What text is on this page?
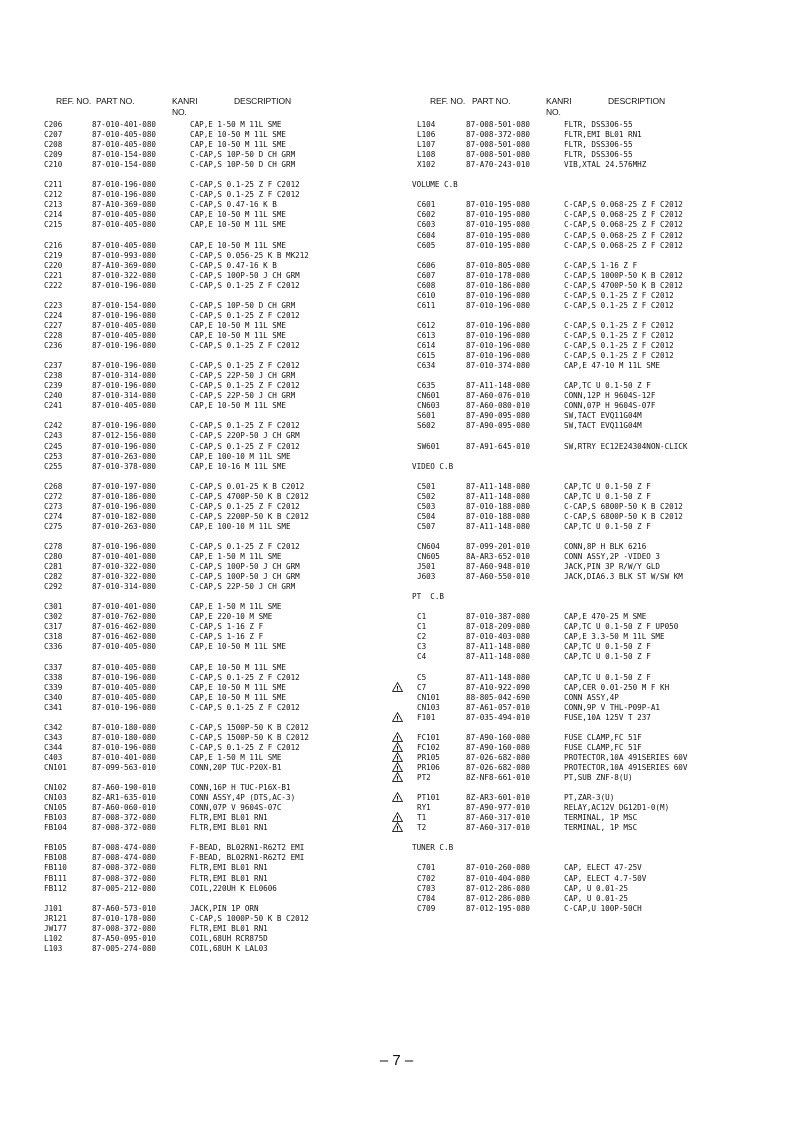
REF. NO. PART NO.	KANRI NO.
DESCRIPTION
C206	87-010-401-080	CAP,E 1-50 M 11L SME
C207	87-010-405-080	CAP,E 10-50 M 11L SME
C208	87-010-405-080	CAP,E 10-50 M 11L SME
C209	87-010-154-080	C-CAP,S 10P-50 D CH GRM
C210	87-010-154-080	C-CAP,S 10P-50 D CH GRM
C211	87-010-196-080	C-CAP,S 0.1-25 Z F C2012
C212	87-010-196-080	C-CAP,S 0.1-25 Z F C2012
C213	87-A10-369-080	C-CAP,S 0.47-16 K B
C214	87-010-405-080	CAP,E 10-50 M 11L SME
C215	87-010-405-080	CAP,E 10-50 M 11L SME
C216	87-010-405-080	CAP,E 10-50 M 11L SME
C219	87-010-993-080	C-CAP,S 0.056-25 K B MK212
C220	87-A10-369-080	C-CAP,S 0.47-16 K B
C221	87-010-322-080	C-CAP,S 100P-50 J CH GRM
C222	87-010-196-080	C-CAP,S 0.1-25 Z F C2012
C223	87-010-154-080	C-CAP,S 10P-50 D CH GRM
C224	87-010-196-080	C-CAP,S 0.1-25 Z F C2012
C227	87-010-405-080	CAP,E 10-50 M 11L SME
C228	87-010-405-080	CAP,E 10-50 M 11L SME
C236	87-010-196-080	C-CAP,S 0.1-25 Z F C2012
C237	87-010-196-080	C-CAP,S 0.1-25 Z F C2012
C238	87-010-314-080	C-CAP,S 22P-50 J CH GRM
C239	87-010-196-080	C-CAP,S 0.1-25 Z F C2012
C240	87-010-314-080	C-CAP,S 22P-50 J CH GRM
C241	87-010-405-080	CAP,E 10-50 M 11L SME
C242	87-010-196-080	C-CAP,S 0.1-25 Z F C2012
C243	87-012-156-080	C-CAP,S 220P-50 J CH GRM
C245	87-010-196-080	C-CAP,S 0.1-25 Z F C2012
C253	87-010-263-080	CAP,E 100-10 M 11L SME
C255	87-010-378-080	CAP,E 10-16 M 11L SME
C268	87-010-197-080	C-CAP,S 0.01-25 K B C2012
C272	87-010-186-080	C-CAP,S 4700P-50 K B C2012
C273	87-010-196-080	C-CAP,S 0.1-25 Z F C2012
C274	87-010-182-080	C-CAP,S 2200P-50 K B C2012
C275	87-010-263-080	CAP,E 100-10 M 11L SME
C278	87-010-196-080	C-CAP,S 0.1-25 Z F C2012
C280	87-010-401-080	CAP,E 1-50 M 11L SME
C281	87-010-322-080	C-CAP,S 100P-50 J CH GRM
C282	87-010-322-080	C-CAP,S 100P-50 J CH GRM
C292	87-010-314-080	C-CAP,S 22P-50 J CH GRM
C301	87-010-401-080	CAP,E 1-50 M 11L SME
C302	87-010-762-080	CAP,E 220-10 M SME
C317	87-016-462-080	C-CAP,S 1-16 Z F
C318	87-016-462-080	C-CAP,S 1-16 Z F
C336	87-010-405-080	CAP,E 10-50 M 11L SME
C337	87-010-405-080	CAP,E 10-50 M 11L SME
C338	87-010-196-080	C-CAP,S 0.1-25 Z F C2012
C339	87-010-405-080	CAP,E 10-50 M 11L SME
C340	87-010-405-080	CAP,E 10-50 M 11L SME
C341	87-010-196-080	C-CAP,S 0.1-25 Z F C2012
C342	87-010-180-080	C-CAP,S 1500P-50 K B C2012
C343	87-010-180-080	C-CAP,S 1500P-50 K B C2012
C344	87-010-196-080	C-CAP,S 0.1-25 Z F C2012
C403	87-010-401-080	CAP,E 1-50 M 11L SME
CN101	87-099-563-010	CONN,20P TUC-P20X-B1
CN102	87-A60-190-010	CONN,16P H TUC-P16X-B1
CN103	8Z-AR1-635-010	CONN ASSY,4P (DTS,AC-3)
CN105	87-A60-060-010	CONN,07P V 9604S-07C
FB103	87-008-372-080	FLTR,EMI BL01 RN1
FB104	87-008-372-080	FLTR,EMI BL01 RN1
FB105	87-008-474-080	F-BEAD, BL02RN1-R62T2 EMI
FB108	87-008-474-080	F-BEAD, BL02RN1-R62T2 EMI
FB110	87-008-372-080	FLTR,EMI BL01 RN1
FB111	87-008-372-080	FLTR,EMI BL01 RN1
FB112	87-005-212-080	COIL,220UH K EL0606
J101	87-A60-573-010	JACK,PIN 1P ORN
JR121	87-010-178-080	C-CAP,S 1000P-50 K B C2012
JW177	87-008-372-080	FLTR,EMI BL01 RN1
L102	87-A50-095-010	COIL,68UH RCR875D
L103	87-005-274-080	COIL,68UH K LAL03
REF. NO. PART NO.	KANRI NO.
DESCRIPTION
L104	87-008-501-080	FLTR, DSS306-55
L106	87-008-372-080	FLTR,EMI BL01 RN1
L107	87-008-501-080	FLTR, DSS306-55
L108	87-008-501-080	FLTR, DSS306-55
X102	87-A70-243-010	VIB,XTAL 24.576MHZ
VOLUME C.B
C601	87-010-195-080	C-CAP,S 0.068-25 Z F C2012
C602	87-010-195-080	C-CAP,S 0.068-25 Z F C2012
C603	87-010-195-080	C-CAP,S 0.068-25 Z F C2012
C604	87-010-195-080	C-CAP,S 0.068-25 Z F C2012
C605	87-010-195-080	C-CAP,S 0.068-25 Z F C2012
C606	87-010-805-080	C-CAP,S 1-16 Z F
C607	87-010-178-080	C-CAP,S 1000P-50 K B C2012
C608	87-010-186-080	C-CAP,S 4700P-50 K B C2012
C610	87-010-196-080	C-CAP,S 0.1-25 Z F C2012
C611	87-010-196-080	C-CAP,S 0.1-25 Z F C2012
C612	87-010-196-080	C-CAP,S 0.1-25 Z F C2012
C613	87-010-196-080	C-CAP,S 0.1-25 Z F C2012
C614	87-010-196-080	C-CAP,S 0.1-25 Z F C2012
C615	87-010-196-080	C-CAP,S 0.1-25 Z F C2012
C634	87-010-374-080	CAP,E 47-10 M 11L SME
C635	87-A11-148-080	CAP,TC U 0.1-50 Z F
CN601	87-A60-076-010	CONN,12P H 9604S-12F
CN603	87-A60-080-010	CONN,07P H 9604S-07F
S601	87-A90-095-080	SW,TACT EVQ11G04M
S602	87-A90-095-080	SW,TACT EVQ11G04M
SW601	87-A91-645-010	SW,RTRY EC12E24304NON-CLICK
VIDEO C.B
C501	87-A11-148-080	CAP,TC U 0.1-50 Z F
C502	87-A11-148-080	CAP,TC U 0.1-50 Z F
C503	87-010-188-080	C-CAP,S 6800P-50 K B C2012
C504	87-010-188-080	C-CAP,S 6800P-50 K B C2012
C507	87-A11-148-080	CAP,TC U 0.1-50 Z F
CN604	87-099-201-010	CONN,8P H BLK 6216
CN605	8A-AR3-652-010	CONN ASSY,2P -VIDEO 3
J501	87-A60-948-010	JACK,PIN 3P R/W/Y GLD
J603	87-A60-550-010	JACK,DIA6.3 BLK ST W/SW KM
PT  C.B
C1	87-010-387-080	CAP,E 470-25 M SME
C1	87-018-209-080	CAP,TC U 0.1-50 Z F UP050
C2	87-010-403-080	CAP,E 3.3-50 M 11L SME
C3	87-A11-148-080	CAP,TC U 0.1-50 Z F
C4	87-A11-148-080	CAP,TC U 0.1-50 Z F
C5	87-A11-148-080	CAP,TC U 0.1-50 Z F
! C7	87-A10-922-090	CAP,CER 0.01-250 M F KH
CN101	88-805-042-690	CONN ASSY,4P
CN103	87-A61-057-010	CONN,9P V THL-P09P-A1
! F101	87-035-494-010	FUSE,10A 125V T 237
! FC101	87-A90-160-080	FUSE CLAMP,FC 51F
! FC102	87-A90-160-080	FUSE CLAMP,FC 51F
! PR105	87-026-682-080	PROTECTOR,10A 491SERIES 60V
! PR106	87-026-682-080	PROTECTOR,10A 491SERIES 60V
! PT2	8Z-NF8-661-010	PT,SUB ZNF-8(U)
! PT101	8Z-AR3-601-010	PT,ZAR-3(U)
RY1	87-A90-977-010	RELAY,AC12V DG12D1-0(M)
! T1	87-A60-317-010	TERMINAL, 1P MSC
! T2	87-A60-317-010	TERMINAL, 1P MSC
TUNER C.B
C701	87-010-260-080	CAP, ELECT 47-25V
C702	87-010-404-080	CAP, ELECT 4.7-50V
C703	87-012-286-080	CAP, U 0.01-25
C704	87-012-286-080	CAP, U 0.01-25
C709	87-012-195-080	C-CAP,U 100P-50CH
– 7 –
